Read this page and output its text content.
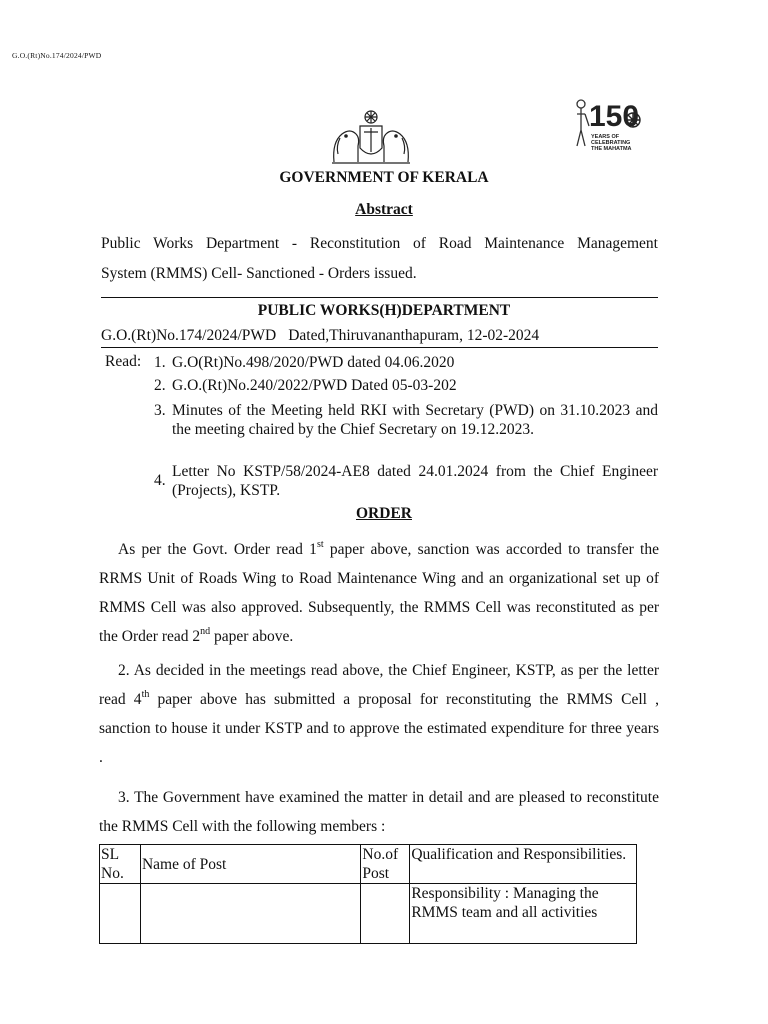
G.O.(Rt)No.174/2024/PWD
150
YEARS OF
CELEBRATING
THE MAHATMA
GOVERNMENT OF KERALA
Abstract

Public Works Department - Reconstitution of Road Maintenance Management

System (RMMS) Cell- Sanctioned - Orders issued.

PUBLIC WORKS(H)DEPARTMENT
G.O.(Rt)No.174/2024/PWD Dated,Thiruvananthapuram, 12-02-2024
Read: 1. G.O(Rt)No.498/2020/PWD dated 04.06.2020
2. G.O.(Rt)No.240/2022/PWD Dated 05-03-202
3. Minutes of the Meeting held RKI with Secretary (PWD) on 31.10.2023 and the meeting chaired by the Chief Secretary on 19.12.2023.
4.
Letter No KSTP/58/2024-AE8 dated 24.01.2024 from the Chief Engineer (Projects), KSTP.
ORDER

As per the Govt. Order read 1st paper above, sanction was accorded to transfer the RRMS Unit of Roads Wing to Road Maintenance Wing and an organizational set up of RMMS Cell was also approved. Subsequently, the RMMS Cell was reconstituted as per the Order read 2nd paper above.

2. As decided in the meetings read above, the Chief Engineer, KSTP, as per the letter read 4th paper above has submitted a proposal for reconstituting the RMMS Cell , sanction to house it under KSTP and to approve the estimated expenditure for three years .

3. The Government have examined the matter in detail and are pleased to reconstitute the RMMS Cell with the following members :

SL No.	Name of Post	No.of Post	Qualification and Responsibilities.
			Responsibility : Managing the RMMS team and all activities
